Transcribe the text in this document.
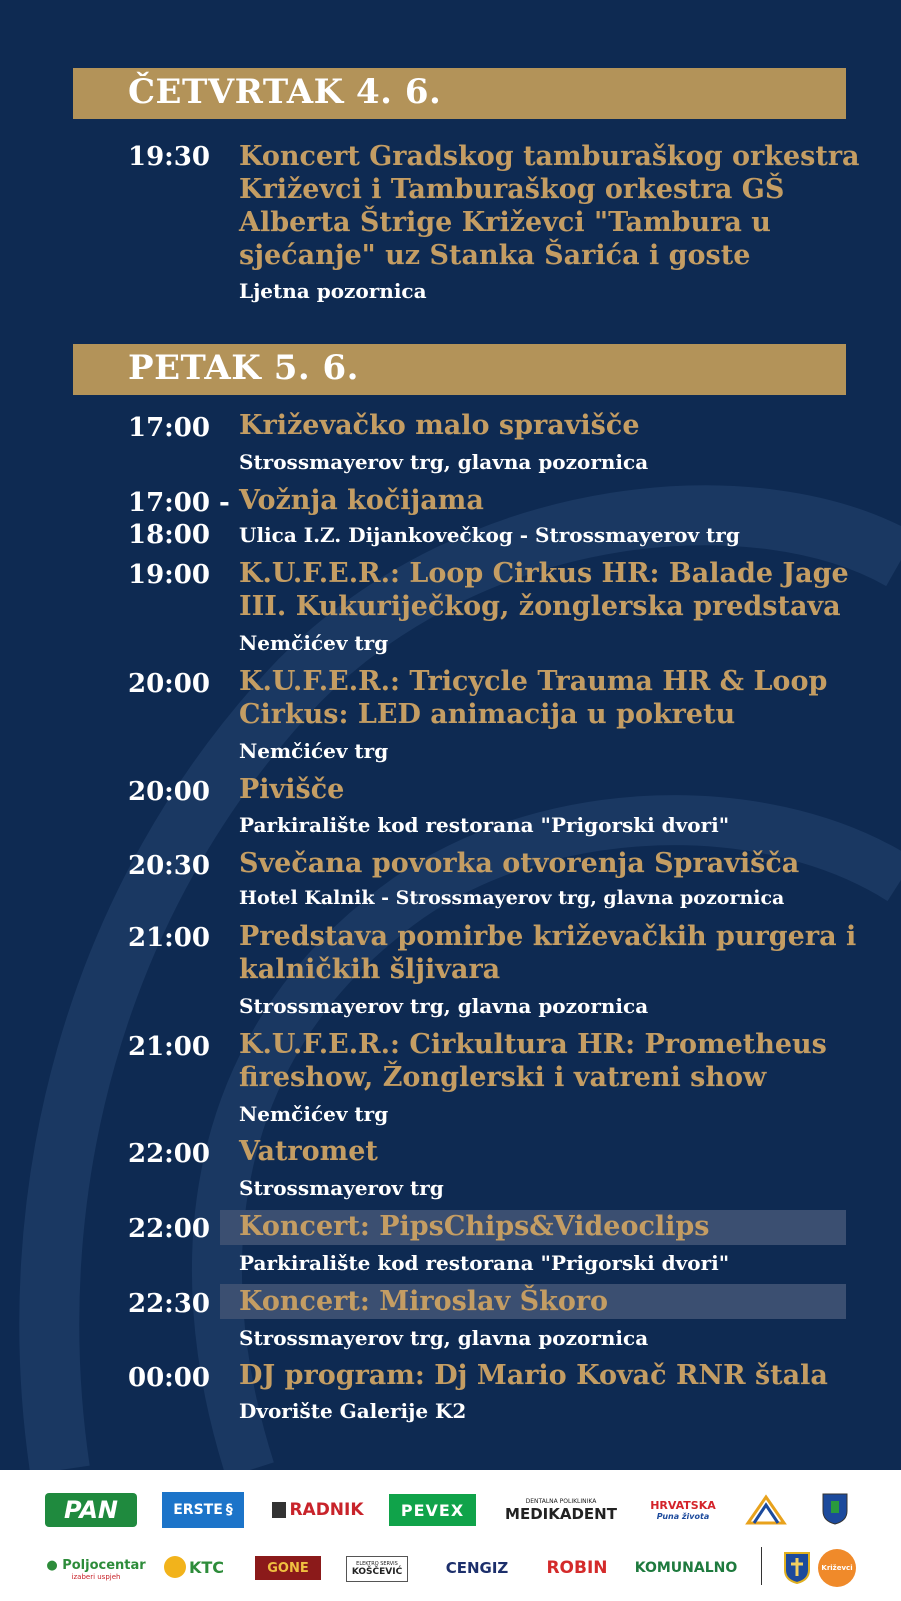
ČETVRTAK 4. 6.
19:30 Koncert Gradskog tamburaškog orkestra
Križevci i Tamburaškog orkestra GŠ
Alberta Štrige Križevci "Tambura u
sjećanje" uz Stanka Šarića i goste
Ljetna pozornica
PETAK 5. 6.
17:00 Križevačko malo spravišče
Strossmayerov trg, glavna pozornica
17:00 -
18:00
Vožnja kočijama
Ulica I.Z. Dijankovečkog - Strossmayerov trg
19:00 K.U.F.E.R.: Loop Cirkus HR: Balade Jage
III. Kukuriječkog, žonglerska predstava
Nemčićev trg
20:00 K.U.F.E.R.: Tricycle Trauma HR & Loop
Cirkus: LED animacija u pokretu
Nemčićev trg
20:00 Pivišče
Parkiralište kod restorana "Prigorski dvori"
20:30 Svečana povorka otvorenja Spravišča
Hotel Kalnik - Strossmayerov trg, glavna pozornica
21:00 Predstava pomirbe križevačkih purgera i
kalničkih šljivara
Strossmayerov trg, glavna pozornica
21:00 K.U.F.E.R.: Cirkultura HR: Prometheus
fireshow, Žonglerski i vatreni show
Nemčićev trg
22:00 Vatromet
Strossmayerov trg
22:00 Koncert: PipsChips&Videoclips
Parkiralište kod restorana "Prigorski dvori"
22:30 Koncert: Miroslav Škoro
Strossmayerov trg, glavna pozornica
00:00 DJ program: Dj Mario Kovač RNR štala
Dvorište Galerije K2
PAN	ERSTE §	RADNIK PEVEX	DENTALNA POLIKLINIKA
MEDIKADENT	HRVATSKA
Puna života
● Poljocentar
izaberi uspjeh	KTC	GONE	ELEKTRO SERVIS
KOŠČEVIĆ	CENGIZ ROBIN KOMUNALNO	Križevci
